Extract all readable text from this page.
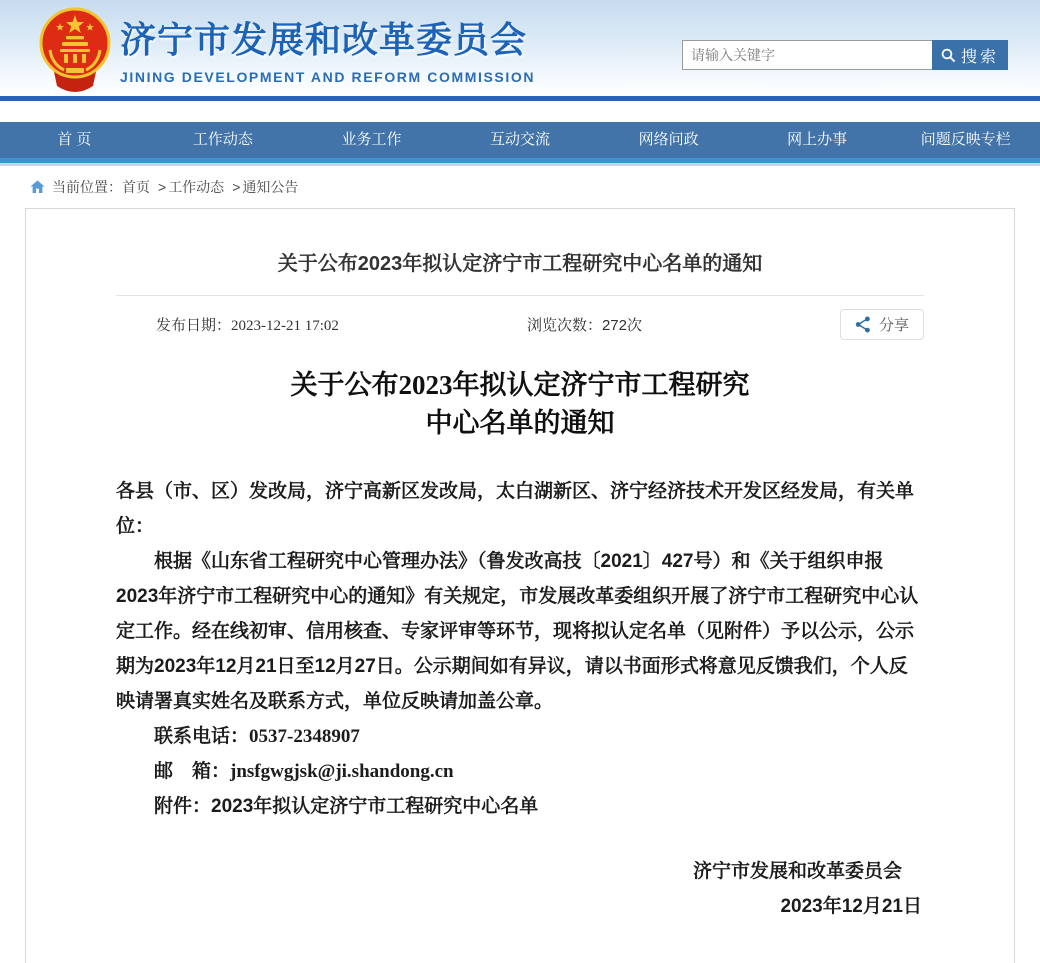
济宁市发展和改革委员会
JINING DEVELOPMENT AND REFORM COMMISSION
请输入关键字
搜索
首 页	工作动态	业务工作	互动交流	网络问政	网上办事	问题反映专栏
当前位置： 首页 > 工作动态 > 通知公告
关于公布2023年拟认定济宁市工程研究中心名单的通知
发布日期：2023-12-21 17:02	浏览次数：272次	分享
关于公布2023年拟认定济宁市工程研究
中心名单的通知

各县（市、区）发改局，济宁高新区发改局，太白湖新区、济宁经济技术开发区经发局，有关单位：

根据《山东省工程研究中心管理办法》（鲁发改高技〔2021〕427号）和《关于组织申报2023年济宁市工程研究中心的通知》有关规定，市发展改革委组织开展了济宁市工程研究中心认定工作。经在线初审、信用核查、专家评审等环节，现将拟认定名单（见附件）予以公示，公示期为2023年12月21日至12月27日。公示期间如有异议，请以书面形式将意见反馈我们，个人反映请署真实姓名及联系方式，单位反映请加盖公章。

联系电话：0537-2348907

邮　箱：jnsfgwgjsk@ji.shandong.cn

附件：2023年拟认定济宁市工程研究中心名单

济宁市发展和改革委员会
2023年12月21日
